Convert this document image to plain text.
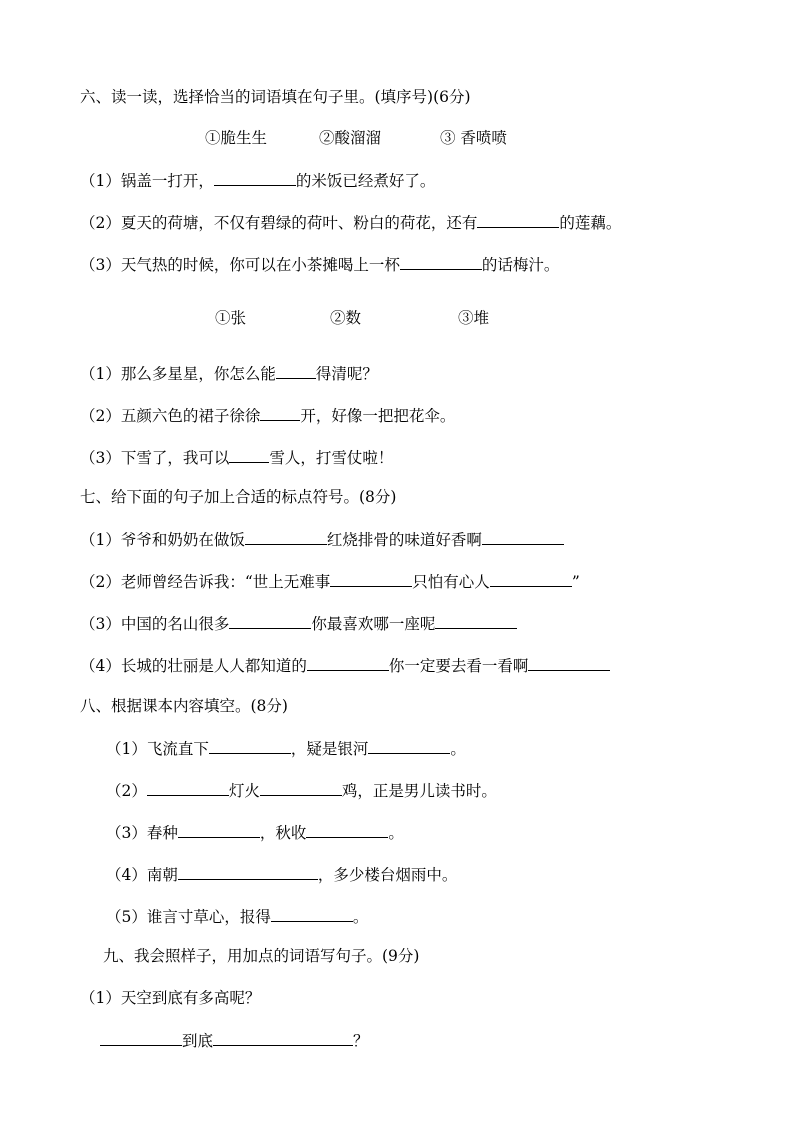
六、读一读，选择恰当的词语填在句子里。(填序号)(6分)
①脆生生	②酸溜溜	③ 香喷喷
（1）锅盖一打开，	的米饭已经煮好了。
（2）夏天的荷塘，不仅有碧绿的荷叶、粉白的荷花，还有	的莲藕。
（3）天气热的时候，你可以在小茶摊喝上一杯	的话梅汁。
①张	②数	③堆
（1）那么多星星，你怎么能	得清呢？
（2）五颜六色的裙子徐徐	开，好像一把把花伞。
（3）下雪了，我可以	雪人，打雪仗啦！
七、给下面的句子加上合适的标点符号。(8分)
（1）爷爷和奶奶在做饭	红烧排骨的味道好香啊
（2）老师曾经告诉我：“世上无难事	只怕有心人	”
（3）中国的名山很多	你最喜欢哪一座呢
（4）长城的壮丽是人人都知道的	你一定要去看一看啊
八、根据课本内容填空。(8分)
（1）飞流直下	，疑是银河	。
（2）	灯火	鸡，正是男儿读书时。
（3）春种	，秋收	。
（4）南朝	，多少楼台烟雨中。
（5）谁言寸草心，报得	。
九、我会照样子，用加点的词语写句子。(9分)
（1）天空到底有多高呢？
到底	？
